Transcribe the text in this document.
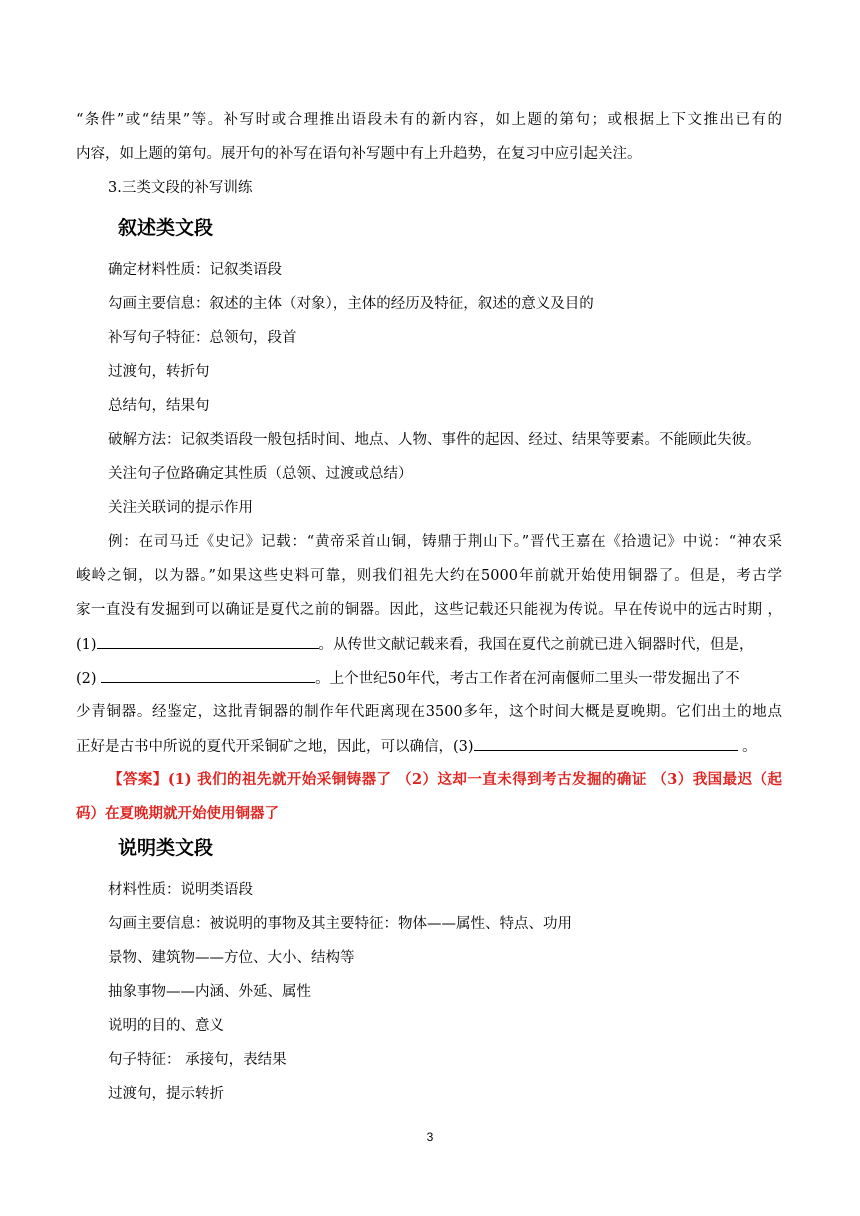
“条件”或“结果”等。补写时或合理推出语段未有的新内容，如上题的第句；或根据上下文推出已有的
内容，如上题的第句。展开句的补写在语句补写题中有上升趋势，在复习中应引起关注。
3.三类文段的补写训练
叙述类文段
确定材料性质：记叙类语段
勾画主要信息：叙述的主体（对象），主体的经历及特征，叙述的意义及目的
补写句子特征：总领句，段首
过渡句，转折句
总结句，结果句
破解方法：记叙类语段一般包括时间、地点、人物、事件的起因、经过、结果等要素。不能顾此失彼。
关注句子位路确定其性质（总领、过渡或总结）
关注关联词的提示作用
例：在司马迁《史记》记载：“黄帝采首山铜，铸鼎于荆山下。”晋代王嘉在《拾遗记》中说：“神农采
峻岭之铜，以为器。”如果这些史料可靠，则我们祖先大约在5000年前就开始使用铜器了。但是，考古学
家一直没有发掘到可以确证是夏代之前的铜器。因此，这些记载还只能视为传说。早在传说中的远古时期 ，
(1)	。从传世文献记载来看，我国在夏代之前就已进入铜器时代，但是，
(2)	。上个世纪50年代，考古工作者在河南偃师二里头一带发掘出了不
少青铜器。经鉴定，这批青铜器的制作年代距离现在3500多年，这个时间大概是夏晚期。它们出土的地点
正好是古书中所说的夏代开采铜矿之地，因此，可以确信，(3)	。
【答案】(1) 我们的祖先就开始采铜铸器了 （2）这却一直未得到考古发掘的确证 （3）我国最迟（起
码）在夏晚期就开始使用铜器了
说明类文段
材料性质：说明类语段
勾画主要信息：被说明的事物及其主要特征：物体——属性、特点、功用
景物、建筑物——方位、大小、结构等
抽象事物——内涵、外延、属性
说明的目的、意义
句子特征： 承接句，表结果
过渡句，提示转折
3
